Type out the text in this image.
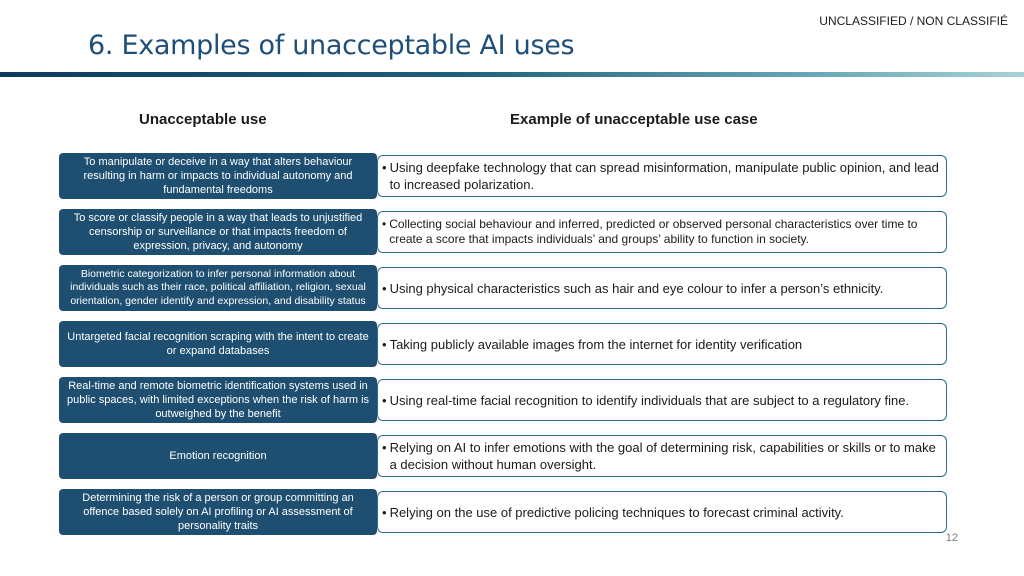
UNCLASSIFIED / NON CLASSIFIÉ
6. Examples of unacceptable AI uses
Unacceptable use	Example of unacceptable use case
To manipulate or deceive in a way that alters behaviour resulting in harm or impacts to individual autonomy and fundamental freedoms
• Using deepfake technology that can spread misinformation, manipulate public opinion, and lead to increased polarization.
To score or classify people in a way that leads to unjustified censorship or surveillance or that impacts freedom of expression, privacy, and autonomy
• Collecting social behaviour and inferred, predicted or observed personal characteristics over time to create a score that impacts individuals’ and groups’ ability to function in society.
Biometric categorization to infer personal information about individuals such as their race, political affiliation, religion, sexual orientation, gender identify and expression, and disability status
• Using physical characteristics such as hair and eye colour to infer a person’s ethnicity.
Untargeted facial recognition scraping with the intent to create or expand databases	• Taking publicly available images from the internet for identity verification
Real-time and remote biometric identification systems used in public spaces, with limited exceptions when the risk of harm is outweighed by the benefit
• Using real-time facial recognition to identify individuals that are subject to a regulatory fine.
Emotion recognition
• Relying on AI to infer emotions with the goal of determining risk, capabilities or skills or to make a decision without human oversight.
Determining the risk of a person or group committing an offence based solely on AI profiling or AI assessment of personality traits
• Relying on the use of predictive policing techniques to forecast criminal activity.
12
